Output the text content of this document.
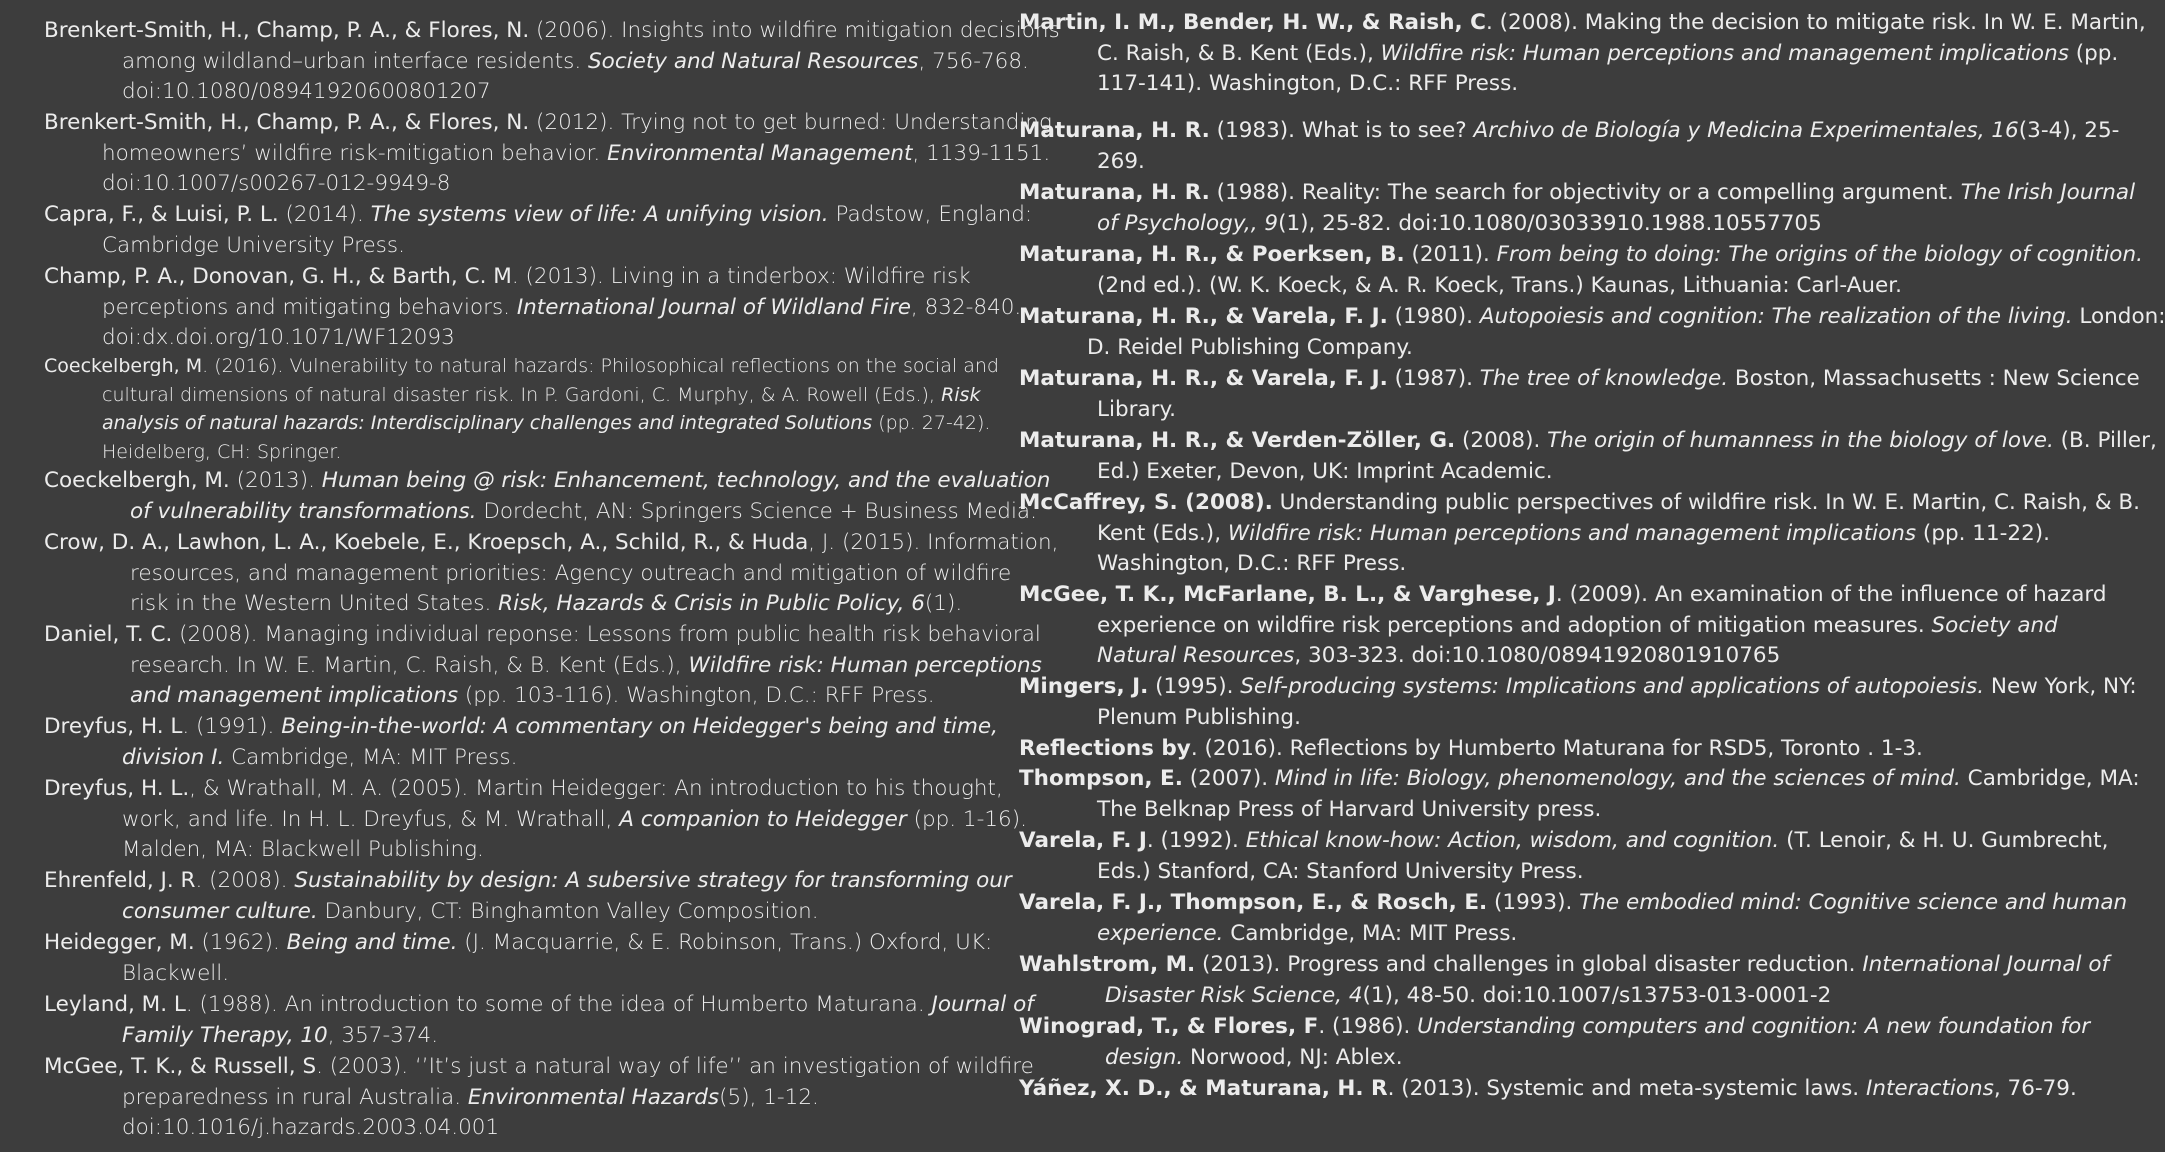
Brenkert-Smith, H., Champ, P. A., & Flores, N. (2006). Insights into wildfire mitigation decisions
among wildland–urban interface residents. Society and Natural Resources, 756-768.
doi:10.1080/08941920600801207
Brenkert-Smith, H., Champ, P. A., & Flores, N. (2012). Trying not to get burned: Understanding
homeowners’ wildfire risk-mitigation behavior. Environmental Management, 1139-1151.
doi:10.1007/s00267-012-9949-8
Capra, F., & Luisi, P. L. (2014). The systems view of life: A unifying vision. Padstow, England:
Cambridge University Press.
Champ, P. A., Donovan, G. H., & Barth, C. M. (2013). Living in a tinderbox: Wildfire risk
perceptions and mitigating behaviors. International Journal of Wildland Fire, 832-840.
doi:dx.doi.org/10.1071/WF12093
Coeckelbergh, M. (2016). Vulnerability to natural hazards: Philosophical reflections on the social and
cultural dimensions of natural disaster risk. In P. Gardoni, C. Murphy, & A. Rowell (Eds.), Risk
analysis of natural hazards: Interdisciplinary challenges and integrated Solutions (pp. 27-42).
Heidelberg, CH: Springer.
Coeckelbergh, M. (2013). Human being @ risk: Enhancement, technology, and the evaluation
of vulnerability transformations. Dordecht, AN: Springers Science + Business Media.
Crow, D. A., Lawhon, L. A., Koebele, E., Kroepsch, A., Schild, R., & Huda, J. (2015). Information,
resources, and management priorities: Agency outreach and mitigation of wildfire
risk in the Western United States. Risk, Hazards & Crisis in Public Policy, 6(1).
Daniel, T. C. (2008). Managing individual reponse: Lessons from public health risk behavioral
research. In W. E. Martin, C. Raish, & B. Kent (Eds.), Wildfire risk: Human perceptions
and management implications (pp. 103-116). Washington, D.C.: RFF Press.
Dreyfus, H. L. (1991). Being-in-the-world: A commentary on Heidegger's being and time,
division I. Cambridge, MA: MIT Press.
Dreyfus, H. L., & Wrathall, M. A. (2005). Martin Heidegger: An introduction to his thought,
work, and life. In H. L. Dreyfus, & M. Wrathall, A companion to Heidegger (pp. 1-16).
Malden, MA: Blackwell Publishing.
Ehrenfeld, J. R. (2008). Sustainability by design: A subersive strategy for transforming our
consumer culture. Danbury, CT: Binghamton Valley Composition.
Heidegger, M. (1962). Being and time. (J. Macquarrie, & E. Robinson, Trans.) Oxford, UK:
Blackwell.
Leyland, M. L. (1988). An introduction to some of the idea of Humberto Maturana. Journal of
Family Therapy, 10, 357-374.
McGee, T. K., & Russell, S. (2003). ‘’It’s just a natural way of life’’ an investigation of wildfire
preparedness in rural Australia. Environmental Hazards(5), 1-12.
doi:10.1016/j.hazards.2003.04.001
Martin, I. M., Bender, H. W., & Raish, C. (2008). Making the decision to mitigate risk. In W. E. Martin,
C. Raish, & B. Kent (Eds.), Wildfire risk: Human perceptions and management implications (pp.
117-141). Washington, D.C.: RFF Press.
Maturana, H. R. (1983). What is to see? Archivo de Biología y Medicina Experimentales, 16(3-4), 25-
269.
Maturana, H. R. (1988). Reality: The search for objectivity or a compelling argument. The Irish Journal
of Psychology,, 9(1), 25-82. doi:10.1080/03033910.1988.10557705
Maturana, H. R., & Poerksen, B. (2011). From being to doing: The origins of the biology of cognition.
(2nd ed.). (W. K. Koeck, & A. R. Koeck, Trans.) Kaunas, Lithuania: Carl-Auer.
Maturana, H. R., & Varela, F. J. (1980). Autopoiesis and cognition: The realization of the living. London:
D. Reidel Publishing Company.
Maturana, H. R., & Varela, F. J. (1987). The tree of knowledge. Boston, Massachusetts : New Science
Library.
Maturana, H. R., & Verden-Zöller, G. (2008). The origin of humanness in the biology of love. (B. Piller,
Ed.) Exeter, Devon, UK: Imprint Academic.
McCaffrey, S. (2008). Understanding public perspectives of wildfire risk. In W. E. Martin, C. Raish, & B.
Kent (Eds.), Wildfire risk: Human perceptions and management implications (pp. 11-22).
Washington, D.C.: RFF Press.
McGee, T. K., McFarlane, B. L., & Varghese, J. (2009). An examination of the influence of hazard
experience on wildfire risk perceptions and adoption of mitigation measures. Society and
Natural Resources, 303-323. doi:10.1080/08941920801910765
Mingers, J. (1995). Self-producing systems: Implications and applications of autopoiesis. New York, NY:
Plenum Publishing.
Reflections by. (2016). Reflections by Humberto Maturana for RSD5, Toronto . 1-3.
Thompson, E. (2007). Mind in life: Biology, phenomenology, and the sciences of mind. Cambridge, MA:
The Belknap Press of Harvard University press.
Varela, F. J. (1992). Ethical know-how: Action, wisdom, and cognition. (T. Lenoir, & H. U. Gumbrecht,
Eds.) Stanford, CA: Stanford University Press.
Varela, F. J., Thompson, E., & Rosch, E. (1993). The embodied mind: Cognitive science and human
experience. Cambridge, MA: MIT Press.
Wahlstrom, M. (2013). Progress and challenges in global disaster reduction. International Journal of
Disaster Risk Science, 4(1), 48-50. doi:10.1007/s13753-013-0001-2
Winograd, T., & Flores, F. (1986). Understanding computers and cognition: A new foundation for
design. Norwood, NJ: Ablex.
Yáñez, X. D., & Maturana, H. R. (2013). Systemic and meta-systemic laws. Interactions, 76-79.
